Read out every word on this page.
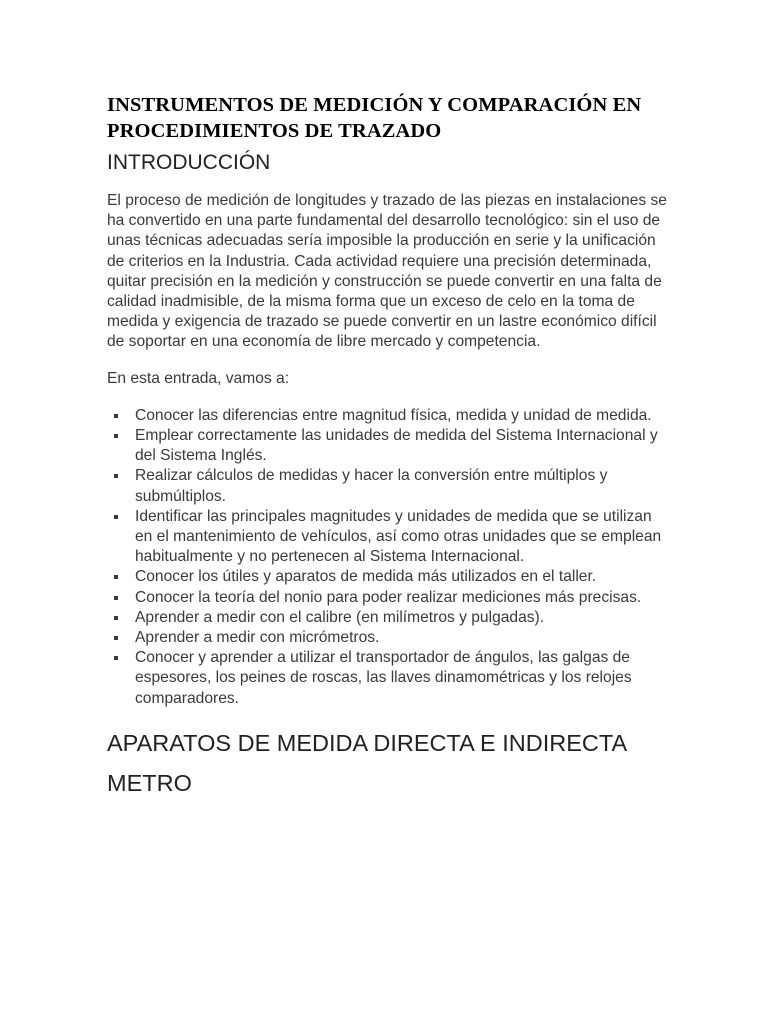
INSTRUMENTOS DE MEDICIÓN Y COMPARACIÓN EN PROCEDIMIENTOS DE TRAZADO
INTRODUCCIÓN

El proceso de medición de longitudes y trazado de las piezas en instalaciones se ha convertido en una parte fundamental del desarrollo tecnológico: sin el uso de unas técnicas adecuadas sería imposible la producción en serie y la unificación de criterios en la Industria. Cada actividad requiere una precisión determinada, quitar precisión en la medición y construcción se puede convertir en una falta de calidad inadmisible, de la misma forma que un exceso de celo en la toma de medida y exigencia de trazado se puede convertir en un lastre económico difícil de soportar en una economía de libre mercado y competencia.

En esta entrada, vamos a:

Conocer las diferencias entre magnitud física, medida y unidad de medida.
Emplear correctamente las unidades de medida del Sistema Internacional y del Sistema Inglés.
Realizar cálculos de medidas y hacer la conversión entre múltiplos y submúltiplos.
Identificar las principales magnitudes y unidades de medida que se utilizan en el mantenimiento de vehículos, así como otras unidades que se emplean habitualmente y no pertenecen al Sistema Internacional.
Conocer los útiles y aparatos de medida más utilizados en el taller.
Conocer la teoría del nonio para poder realizar mediciones más precisas.
Aprender a medir con el calibre (en milímetros y pulgadas).
Aprender a medir con micrómetros.
Conocer y aprender a utilizar el transportador de ángulos, las galgas de espesores, los peines de roscas, las llaves dinamométricas y los relojes comparadores.
APARATOS DE MEDIDA DIRECTA E INDIRECTA
METRO
